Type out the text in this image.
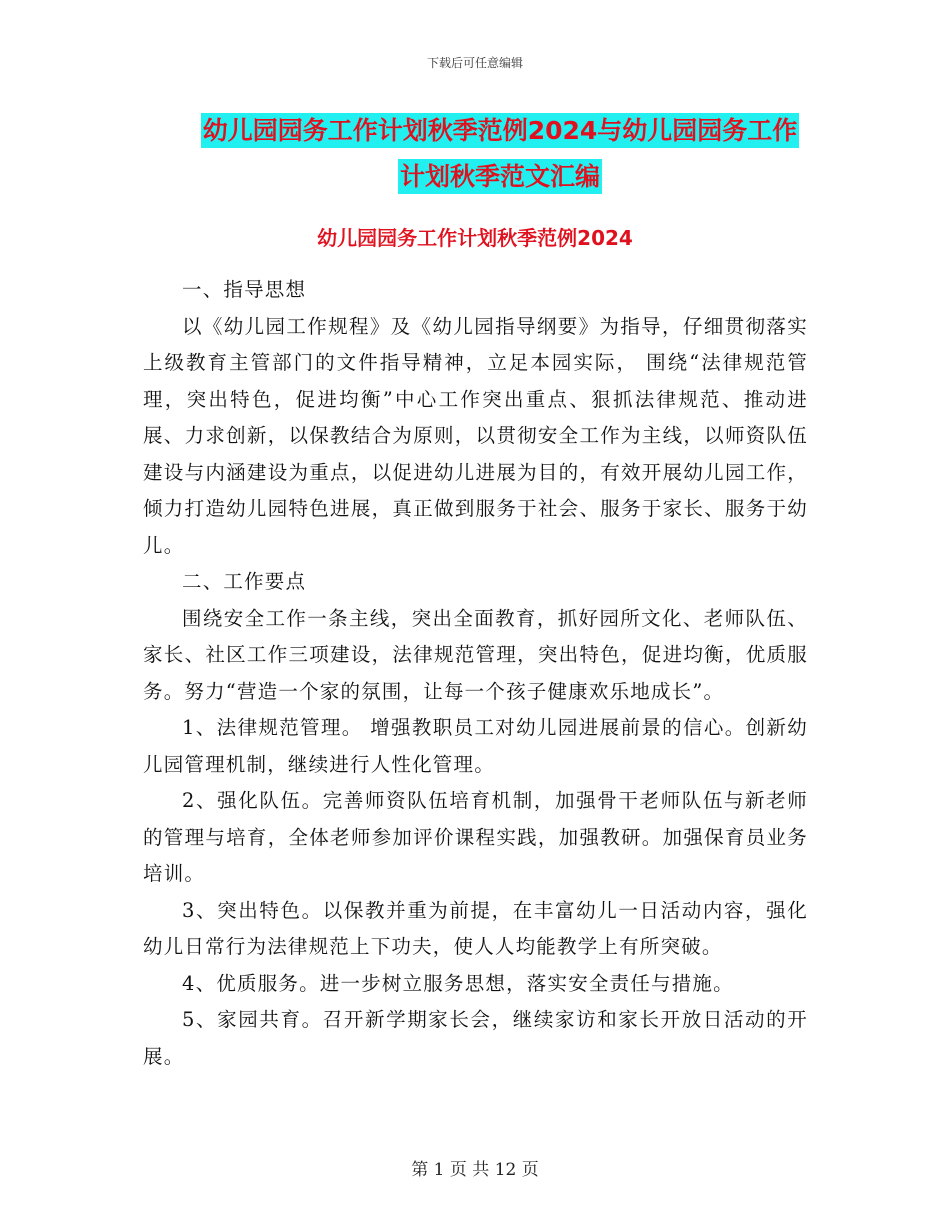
下载后可任意编辑
幼儿园园务工作计划秋季范例2024与幼儿园园务工作
计划秋季范文汇编
幼儿园园务工作计划秋季范例2024

一、指导思想

以《幼儿园工作规程》及《幼儿园指导纲要》为指导，仔细贯彻落实上级教育主管部门的文件指导精神，立足本园实际， 围绕“法律规范管理，突出特色，促进均衡”中心工作突出重点、狠抓法律规范、推动进展、力求创新，以保教结合为原则，以贯彻安全工作为主线，以师资队伍建设与内涵建设为重点，以促进幼儿进展为目的，有效开展幼儿园工作，倾力打造幼儿园特色进展，真正做到服务于社会、服务于家长、服务于幼儿。

二、工作要点

围绕安全工作一条主线，突出全面教育，抓好园所文化、老师队伍、家长、社区工作三项建设，法律规范管理，突出特色，促进均衡，优质服务。努力“营造一个家的氛围，让每一个孩子健康欢乐地成长”。

1、法律规范管理。 增强教职员工对幼儿园进展前景的信心。创新幼儿园管理机制，继续进行人性化管理。

2、强化队伍。完善师资队伍培育机制，加强骨干老师队伍与新老师的管理与培育，全体老师参加评价课程实践，加强教研。加强保育员业务培训。

3、突出特色。以保教并重为前提，在丰富幼儿一日活动内容，强化幼儿日常行为法律规范上下功夫，使人人均能教学上有所突破。

4、优质服务。进一步树立服务思想，落实安全责任与措施。

5、家园共育。召开新学期家长会，继续家访和家长开放日活动的开展。

第 1 页 共 12 页
